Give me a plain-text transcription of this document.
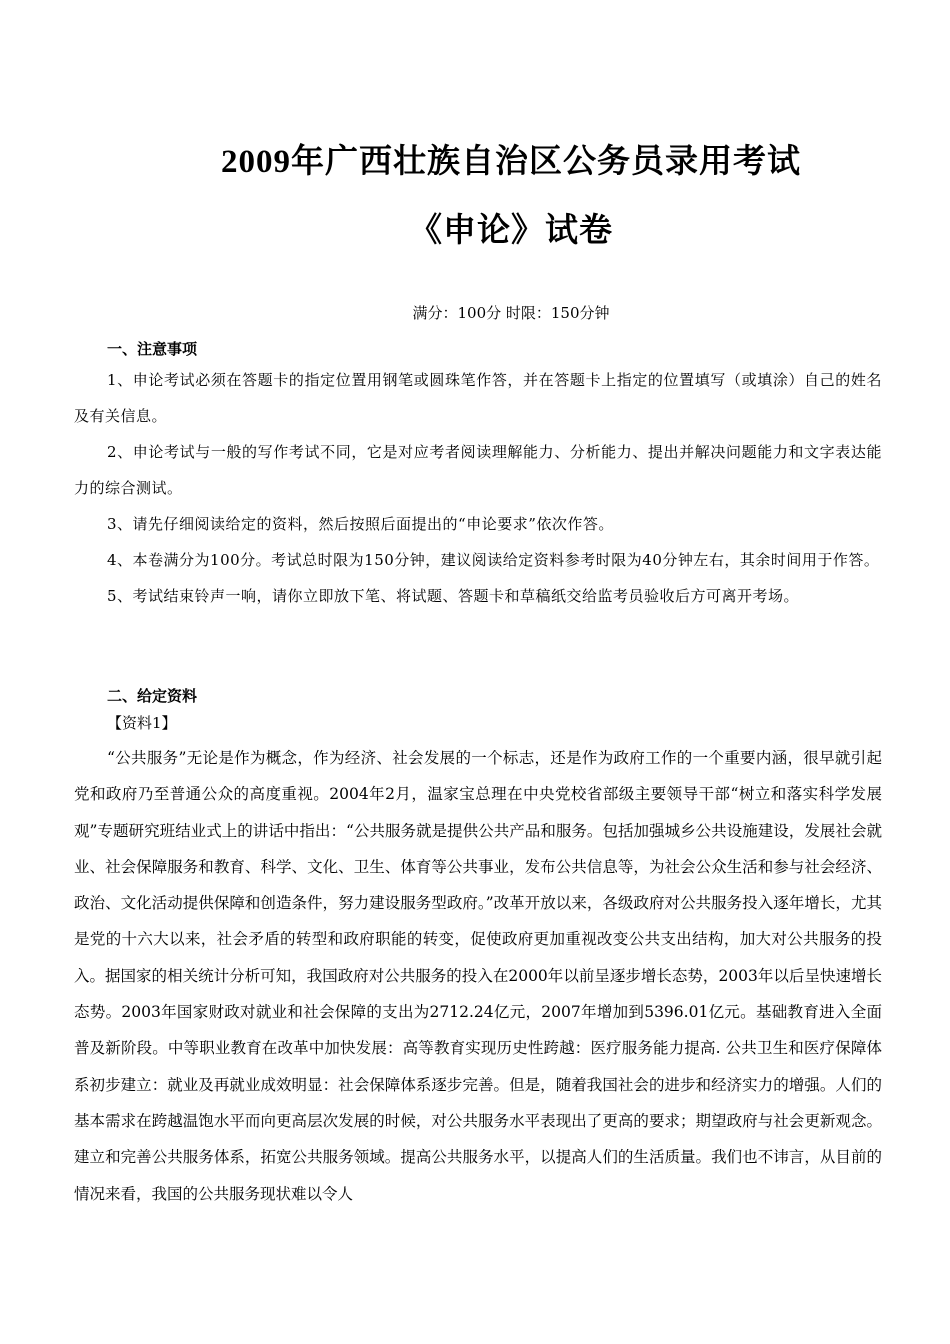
2009年广西壮族自治区公务员录用考试
《申论》试卷
满分：100分 时限：150分钟
一、注意事项

1、申论考试必须在答题卡的指定位置用钢笔或圆珠笔作答，并在答题卡上指定的位置填写（或填涂）自己的姓名及有关信息。

2、申论考试与一般的写作考试不同，它是对应考者阅读理解能力、分析能力、提出并解决问题能力和文字表达能力的综合测试。

3、请先仔细阅读给定的资料，然后按照后面提出的“申论要求”依次作答。

4、本卷满分为100分。考试总时限为150分钟，建议阅读给定资料参考时限为40分钟左右，其余时间用于作答。

5、考试结束铃声一响，请你立即放下笔、将试题、答题卡和草稿纸交给监考员验收后方可离开考场。

二、给定资料
【资料1】

“公共服务”无论是作为概念，作为经济、社会发展的一个标志，还是作为政府工作的一个重要内涵，很早就引起党和政府乃至普通公众的高度重视。2004年2月，温家宝总理在中央党校省部级主要领导干部“树立和落实科学发展观”专题研究班结业式上的讲话中指出：“公共服务就是提供公共产品和服务。包括加强城乡公共设施建设，发展社会就业、社会保障服务和教育、科学、文化、卫生、体育等公共事业，发布公共信息等，为社会公众生活和参与社会经济、政治、文化活动提供保障和创造条件，努力建设服务型政府。”改革开放以来，各级政府对公共服务投入逐年增长，尤其是党的十六大以来，社会矛盾的转型和政府职能的转变，促使政府更加重视改变公共支出结构，加大对公共服务的投入。据国家的相关统计分析可知，我国政府对公共服务的投入在2000年以前呈逐步增长态势，2003年以后呈快速增长态势。2003年国家财政对就业和社会保障的支出为2712.24亿元，2007年增加到5396.01亿元。基础教育进入全面普及新阶段。中等职业教育在改革中加快发展：高等教育实现历史性跨越：医疗服务能力提高. 公共卫生和医疗保障体系初步建立：就业及再就业成效明显：社会保障体系逐步完善。但是，随着我国社会的进步和经济实力的增强。人们的基本需求在跨越温饱水平而向更高层次发展的时候，对公共服务水平表现出了更高的要求；期望政府与社会更新观念。建立和完善公共服务体系，拓宽公共服务领域。提高公共服务水平，以提高人们的生活质量。我们也不讳言，从目前的情况来看，我国的公共服务现状难以令人
